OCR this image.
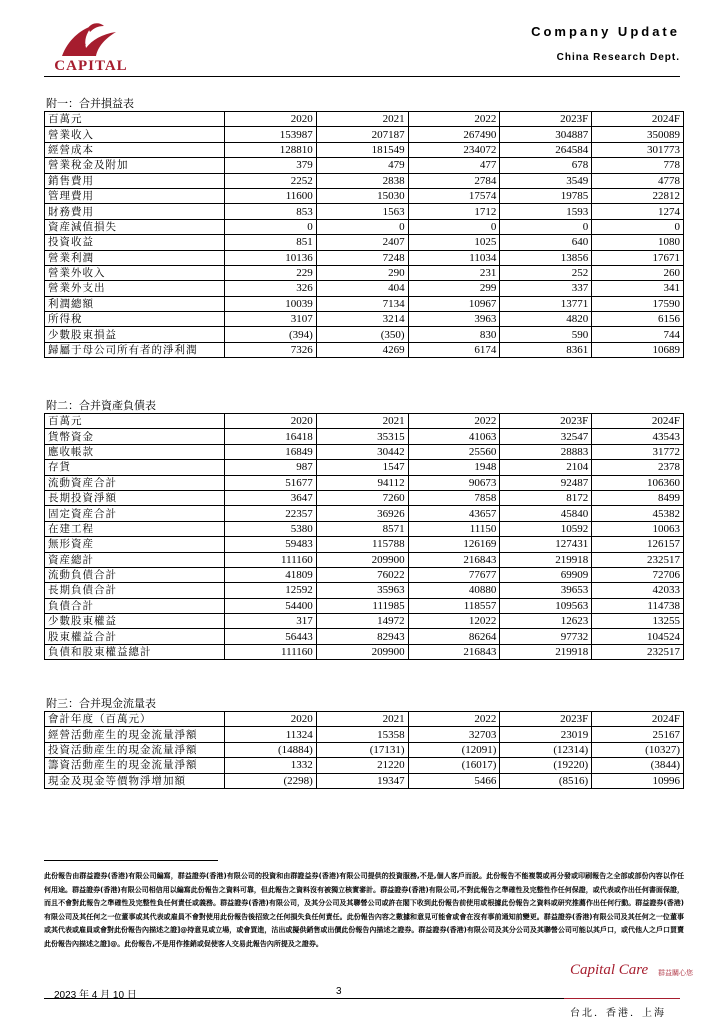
CAPITAL
Company Update
China Research Dept.
附一：合并損益表
百萬元	2020	2021	2022	2023F	2024F
營業收入	153987	207187	267490	304887	350089
經營成本	128810	181549	234072	264584	301773
營業稅金及附加	379	479	477	678	778
銷售費用	2252	2838	2784	3549	4778
管理費用	11600	15030	17574	19785	22812
財務費用	853	1563	1712	1593	1274
資産減值損失	0	0	0	0	0
投資收益	851	2407	1025	640	1080
營業利潤	10136	7248	11034	13856	17671
營業外收入	229	290	231	252	260
營業外支出	326	404	299	337	341
利潤總額	10039	7134	10967	13771	17590
所得稅	3107	3214	3963	4820	6156
少數股東損益	(394)	(350)	830	590	744
歸屬于母公司所有者的淨利潤	7326	4269	6174	8361	10689
附二：合并資產負債表
百萬元	2020	2021	2022	2023F	2024F
貨幣資金	16418	35315	41063	32547	43543
應收帳款	16849	30442	25560	28883	31772
存貨	987	1547	1948	2104	2378
流動資産合計	51677	94112	90673	92487	106360
長期投資淨額	3647	7260	7858	8172	8499
固定資産合計	22357	36926	43657	45840	45382
在建工程	5380	8571	11150	10592	10063
無形資産	59483	115788	126169	127431	126157
資産總計	111160	209900	216843	219918	232517
流動負債合計	41809	76022	77677	69909	72706
長期負債合計	12592	35963	40880	39653	42033
負債合計	54400	111985	118557	109563	114738
少數股東權益	317	14972	12022	12623	13255
股東權益合計	56443	82943	86264	97732	104524
負債和股東權益總計	111160	209900	216843	219918	232517
附三：合并現金流量表
會計年度（百萬元）	2020	2021	2022	2023F	2024F
經營活動産生的現金流量淨額	11324	15358	32703	23019	25167
投資活動産生的現金流量淨額	(14884)	(17131)	(12091)	(12314)	(10327)
籌資活動産生的現金流量淨額	1332	21220	(16017)	(19220)	(3844)
現金及現金等價物淨增加額	(2298)	19347	5466	(8516)	10996
此份報告由群益證券(香港)有限公司編寫，群益證券(香港)有限公司的投資和由群證益券(香港)有限公司提供的投資服務,不是,個人客戶而設。此份報告不能複製或再分發或印刷報告之全部或部份內容以作任何用途。群益證券(香港)有限公司相信用以編寫此份報告之資料可靠，但此報告之資料沒有被獨立核實審計。群益證券(香港)有限公司,不對此報告之準確性及完整性作任何保證，或代表或作出任何書面保證，而且不會對此報告之準確性及完整性負任何責任或義務。群益證券(香港)有限公司，及其分公司及其聯營公司或許在閣下收到此份報告前使用或根據此份報告之資料或研究推薦作出任何行動。群益證券(香港)有限公司及其任何之一位董事或其代表或雇員不會對使用此份報告後招致之任何損失負任何責任。此份報告內容之數據和意見可能會或會在沒有事前通知前變更。群益證券(香港)有限公司及其任何之一位董事或其代表或雇員或會對此份報告內描述之證]@持意見或立場，或會買進，沽出或擬供銷售或出價此份報告內描述之證券。群益證券(香港)有限公司及其分公司及其聯營公司可能以其戶口，或代他人之戶口買賣此份報告內描述之證]@。此份報告,不是用作推銷或促使客人交易此報告內所提及之證券。
Capital Care 群益關心您
2023 年 4 月 10 日	3
台北．香港．上海
